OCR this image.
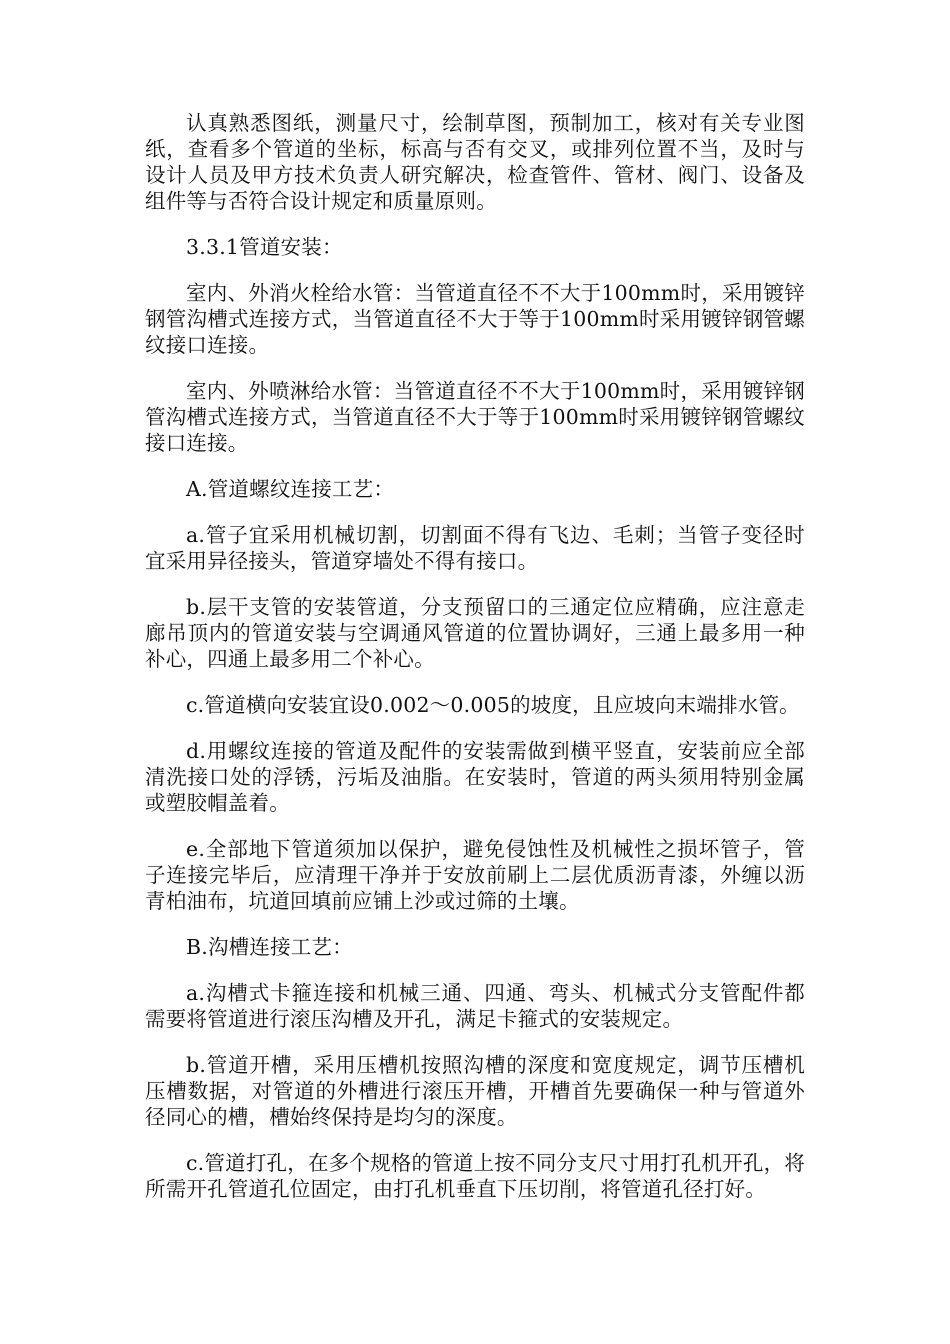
认真熟悉图纸，测量尺寸，绘制草图，预制加工，核对有关专业图纸，查看多个管道的坐标，标高与否有交叉，或排列位置不当，及时与设计人员及甲方技术负责人研究解决，检查管件、管材、阀门、设备及组件等与否符合设计规定和质量原则。

3.3.1管道安装：

室内、外消火栓给水管：当管道直径不不大于100mm时，采用镀锌钢管沟槽式连接方式，当管道直径不大于等于100mm时采用镀锌钢管螺纹接口连接。

室内、外喷淋给水管：当管道直径不不大于100mm时，采用镀锌钢管沟槽式连接方式，当管道直径不大于等于100mm时采用镀锌钢管螺纹接口连接。

A.管道螺纹连接工艺：

a.管子宜采用机械切割，切割面不得有飞边、毛刺；当管子变径时宜采用异径接头，管道穿墙处不得有接口。

b.层干支管的安装管道，分支预留口的三通定位应精确，应注意走廊吊顶内的管道安装与空调通风管道的位置协调好，三通上最多用一种补心，四通上最多用二个补心。

c.管道横向安装宜设0.002～0.005的坡度，且应坡向末端排水管。

d.用螺纹连接的管道及配件的安装需做到横平竖直，安装前应全部清洗接口处的浮锈，污垢及油脂。在安装时，管道的两头须用特别金属或塑胶帽盖着。

e.全部地下管道须加以保护，避免侵蚀性及机械性之损坏管子，管子连接完毕后，应清理干净并于安放前刷上二层优质沥青漆，外缠以沥青柏油布，坑道回填前应铺上沙或过筛的土壤。

B.沟槽连接工艺：

a.沟槽式卡箍连接和机械三通、四通、弯头、机械式分支管配件都需要将管道进行滚压沟槽及开孔，满足卡箍式的安装规定。

b.管道开槽，采用压槽机按照沟槽的深度和宽度规定，调节压槽机压槽数据，对管道的外槽进行滚压开槽，开槽首先要确保一种与管道外径同心的槽，槽始终保持是均匀的深度。

c.管道打孔，在多个规格的管道上按不同分支尺寸用打孔机开孔，将所需开孔管道孔位固定，由打孔机垂直下压切削，将管道孔径打好。
